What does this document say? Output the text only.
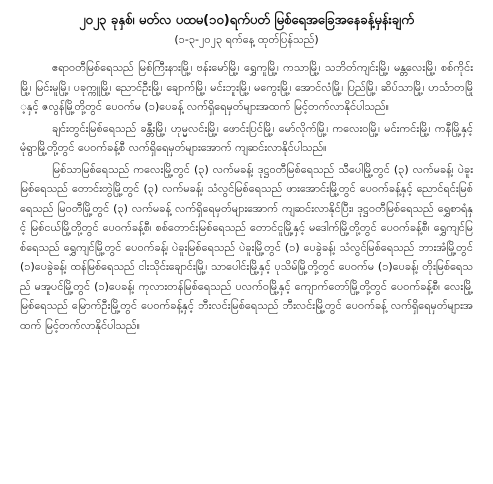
၂၀၂၃ ခုနှစ်၊ မတ်လ ပထမ(၁၀)ရက်ပတ် မြစ်ရေအခြေအနေခန့်မှန်းချက်
(၁-၃-၂၀၂၃ ရက်နေ့ ထုတ်ပြန်သည်)

ဧရာဝတီမြစ်ရေသည် မြစ်ကြီးနားမြို့၊ ဗန်းမော်မြို့၊ ရွှေကူမြို့၊ ကသာမြို့၊ သဘိတ်ကျင်းမြို့၊ မန္တလေးမြို့၊ စစ်ကိုင်းမြို့၊ မြင်းမူမြို့၊ ပခုက္ကူမြို့၊ ညောင်ဦးမြို့၊ ချောက်မြို့၊ မင်းဘူးမြို့၊ မကွေးမြို့၊ အောင်လံမြို့၊ ပြည်မြို့၊ ဆိပ်သာမြို့၊ ဟင်္သာတမြို့နှင့် ဇလွန်မြို့တို့တွင် ပေ၀က်မ (၁)ပေခန့် လက်ရှိရေမှတ်များအထက် မြင့်တက်လာနိုင်ပါသည်။

ချင်းတွင်းမြစ်ရေသည် ခန္တီးမြို့၊ ဟုမ္မလင်းမြို့၊ ဖောင်းပြင်မြို့၊ မော်လိုက်မြို့၊ ကလေးဝမြို့၊ မင်းကင်းမြို့၊ ကနီမြို့နှင့် မုံရွာမြို့တို့တွင် ပေ၀က်ခန့်စီ လက်ရှိရေမှတ်များအောက် ကျဆင်းလာနိုင်ပါသည်။

မြစ်သာမြစ်ရေသည် ကလေးမြို့တွင် (၃) လက်မခန့်၊ ဒုဋ္ဌဝတီမြစ်ရေသည် သီပေါမြို့တွင် (၃) လက်မခန့်၊ ပဲခူးမြစ်ရေသည် တောင်းတွဲမြို့တွင် (၃) လက်မခန့်၊ သံလွင်မြစ်ရေသည် ဖားအောင်းမြို့တွင် ပေ၀က်ခန့်နှင့် ညောင်ရင်းမြစ်ရေသည် မြဝတီမြို့တွင် (၃) လက်မခန့် လက်ရှိရေမှတ်များအောက် ကျဆင်းလာနိုင်ပြီး၊ ဒုဋ္ဌဝတီမြစ်ရေသည် ရွှေစာရံနှင့် မြစ်ငယ်မြို့တို့တွင် ပေ၀က်ခန့်စီ၊ စစ်တောင်းမြစ်ရေသည် တောင်ငူမြို့နှင့် မဒေါက်မြို့တို့တွင် ပေ၀က်ခန့်စီ၊ ရွှေကျင်မြစ်ရေသည် ရွှေကျင်မြို့တွင် ပေ၀က်ခန့်၊ ပဲခူးမြစ်ရေသည် ပဲခူးမြို့တွင် (၁) ပေခွဲခန့်၊ သံလွင်မြစ်ရေသည် ဘားအံမြို့တွင် (၁)ပေခွဲခန့်၊ ထန်မြစ်ရေသည် ငါးသိုင်းချောင်းမြို့၊ သာပေါင်းမြို့နှင့် ပုသိမ်မြို့တို့တွင် ပေ၀က်မ (၁)ပေခန့်၊ တိုးမြစ်ရေသည် မအူပင်မြို့တွင် (၁)ပေခန့်၊ ကုလားတန်မြစ်ရေသည် ပလက်ဝမြို့နှင့် ကျောက်တော်မြို့တို့တွင် ပေ၀က်ခန့်စီ၊ လေးမြို့မြစ်ရေသည် မြောက်ဦးမြို့တွင် ပေ၀က်ခန့်နှင့် ဘီးလင်းမြစ်ရေသည် ဘီးလင်းမြို့တွင် ပေ၀က်ခန့် လက်ရှိရေမှတ်များအထက် မြင့်တက်လာနိုင်ပါသည်။
